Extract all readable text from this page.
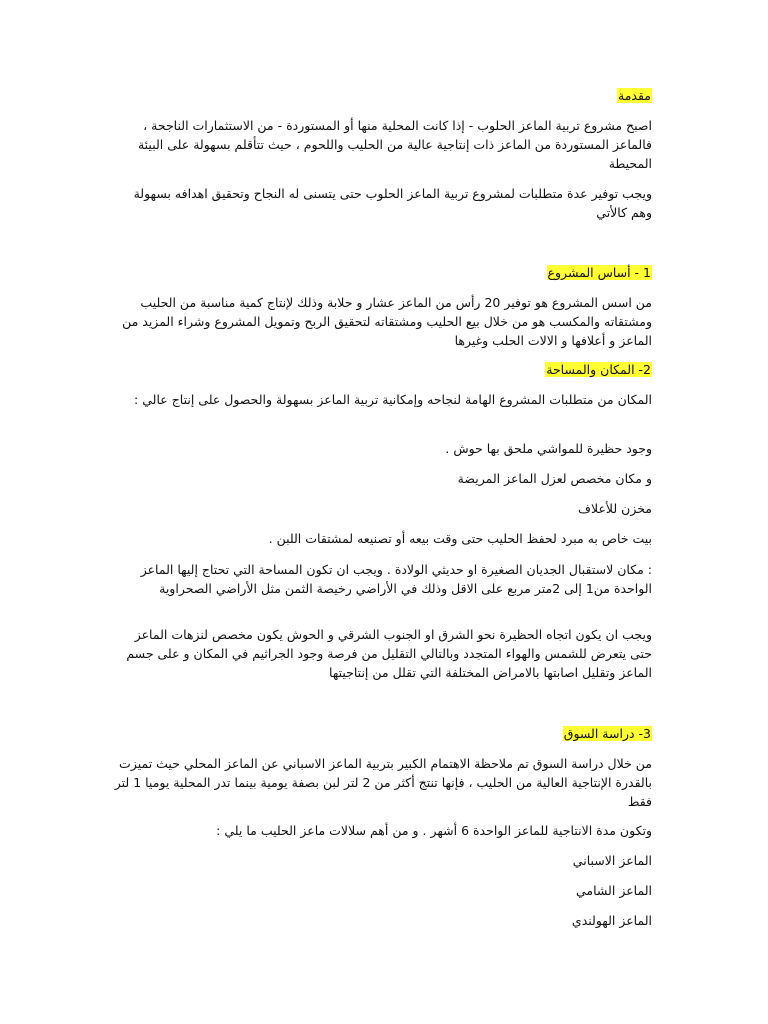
مقدمة
اصبح مشروع تربية الماعز الحلوب - إذا كانت المحلية منها أو المستوردة - من الاستثمارات الناجحة ، فالماعز المستوردة من الماعز ذات إنتاجية عالية من الحليب واللحوم ، حيث تتأقلم بسهولة على البيئة المحيطة
ويجب توفير عدة متطلبات لمشروع تربية الماعز الحلوب حتى يتسنى له النجاح وتحقيق اهدافه بسهولة وهم كالأتي
1 - أساس المشروع
من اسس المشروع هو توفير 20 رأس من الماعز عشار و حلابة وذلك لإنتاج كمية مناسبة من الحليب ومشتقاته والمكسب هو من خلال بيع الحليب ومشتقاته لتحقيق الربح وتمويل المشروع وشراء المزيد من الماعز و أعلافها و الالات الحلب وغيرها
2- المكان والمساحة
المكان من متطلبات المشروع الهامة لنجاحه وإمكانية تربية الماعز بسهولة والحصول على إنتاج عالي :
وجود حظيرة للمواشي ملحق بها حوش .
و مكان مخصص لعزل الماعز المريضة
مخزن للأعلاف
بيت خاص به مبرد لحفظ الحليب حتى وقت بيعه أو تصنيعه لمشتقات اللبن .
: مكان لاستقبال الجديان الصغيرة او حديثي الولادة . ويجب ان تكون المساحة التي تحتاج إليها الماعز الواحدة من1 إلى 2متر مربع على الاقل وذلك في الأراضي رخيصة الثمن مثل الأراضي الصحراوية
ويجب ان يكون اتجاه الحظيرة نحو الشرق او الجنوب الشرقي و الحوش يكون مخصص لنزهات الماعز حتى يتعرض للشمس والهواء المتجدد وبالتالي التقليل من فرصة وجود الجراثيم في المكان و على جسم الماعز وتقليل اصابتها بالامراض المختلفة التي تقلل من إنتاجيتها
3- دراسة السوق
من خلال دراسة السوق تم ملاحظة الاهتمام الكبير بتربية الماعز الاسباني عن الماعز المحلي حيث تميزت بالقدرة الإنتاجية العالية من الحليب ، فإنها تنتج أكثر من 2 لتر لبن بصفة يومية بينما تدر المحلية يوميا 1 لتر فقط
وتكون مدة الانتاجية للماعز الواحدة 6 أشهر . و من أهم سلالات ماعز الحليب ما يلي :
الماعز الاسباني
الماعز الشامي
الماعز الهولندي
